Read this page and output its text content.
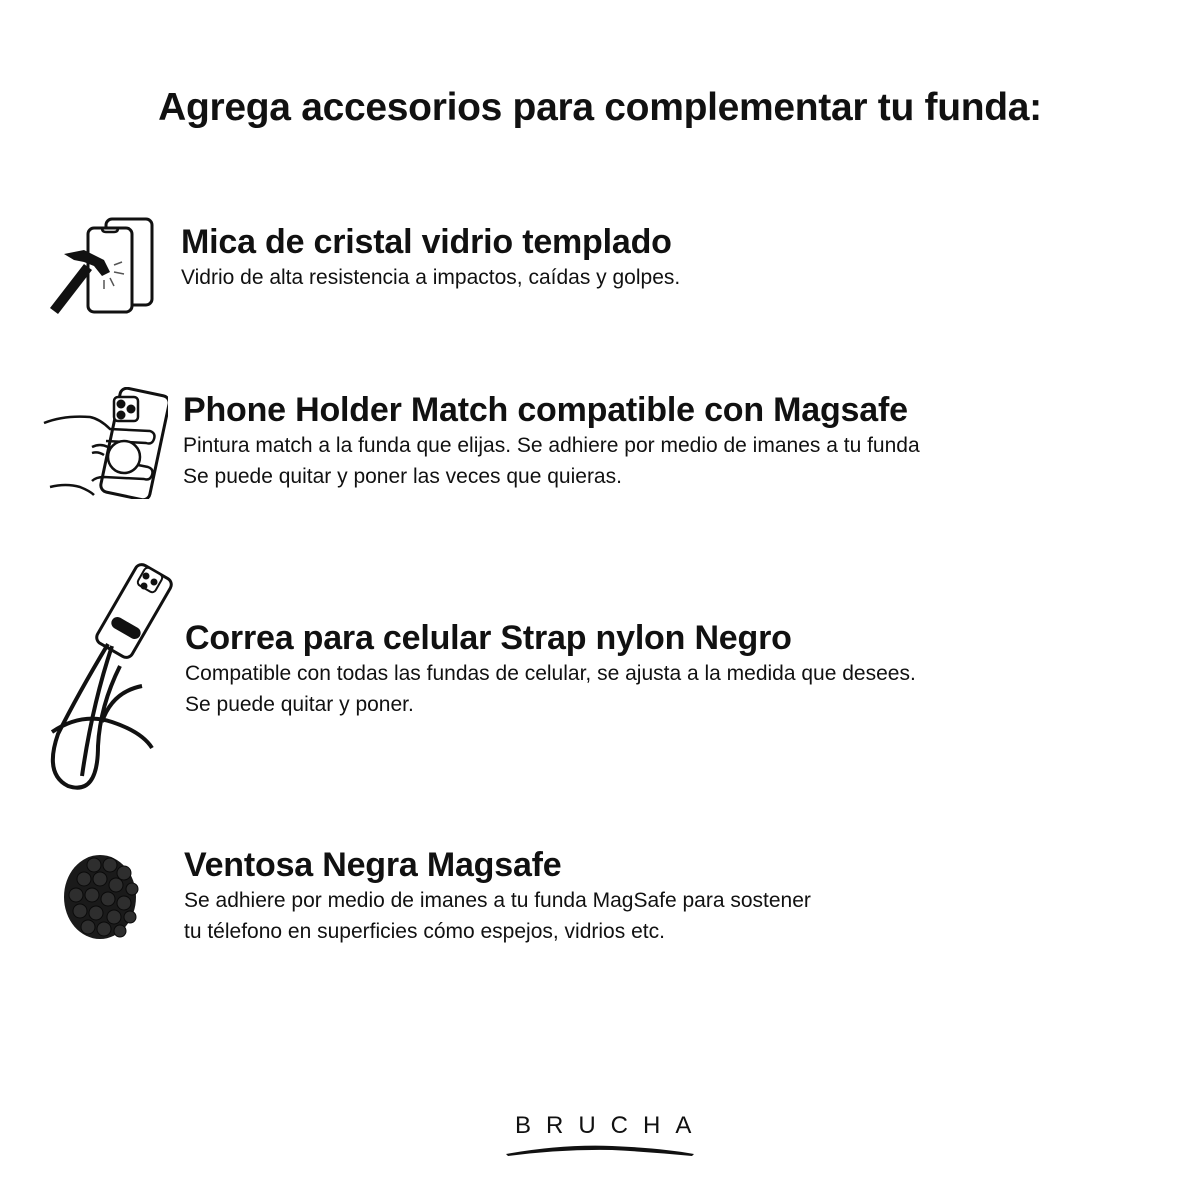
Agrega accesorios para complementar tu funda:
Mica de cristal vidrio templado
Vidrio de alta resistencia a impactos, caídas y golpes.
Phone Holder Match compatible con Magsafe
Pintura match a la funda que elijas. Se adhiere por medio de imanes a tu funda
Se puede quitar y poner las veces que quieras.
Correa para celular Strap nylon Negro
Compatible con todas las fundas de celular, se ajusta a la medida que desees.
Se puede quitar y poner.
Ventosa Negra Magsafe
Se adhiere por medio de imanes a tu funda MagSafe para sostener
tu télefono en superficies cómo espejos, vidrios etc.
BRUCHA
